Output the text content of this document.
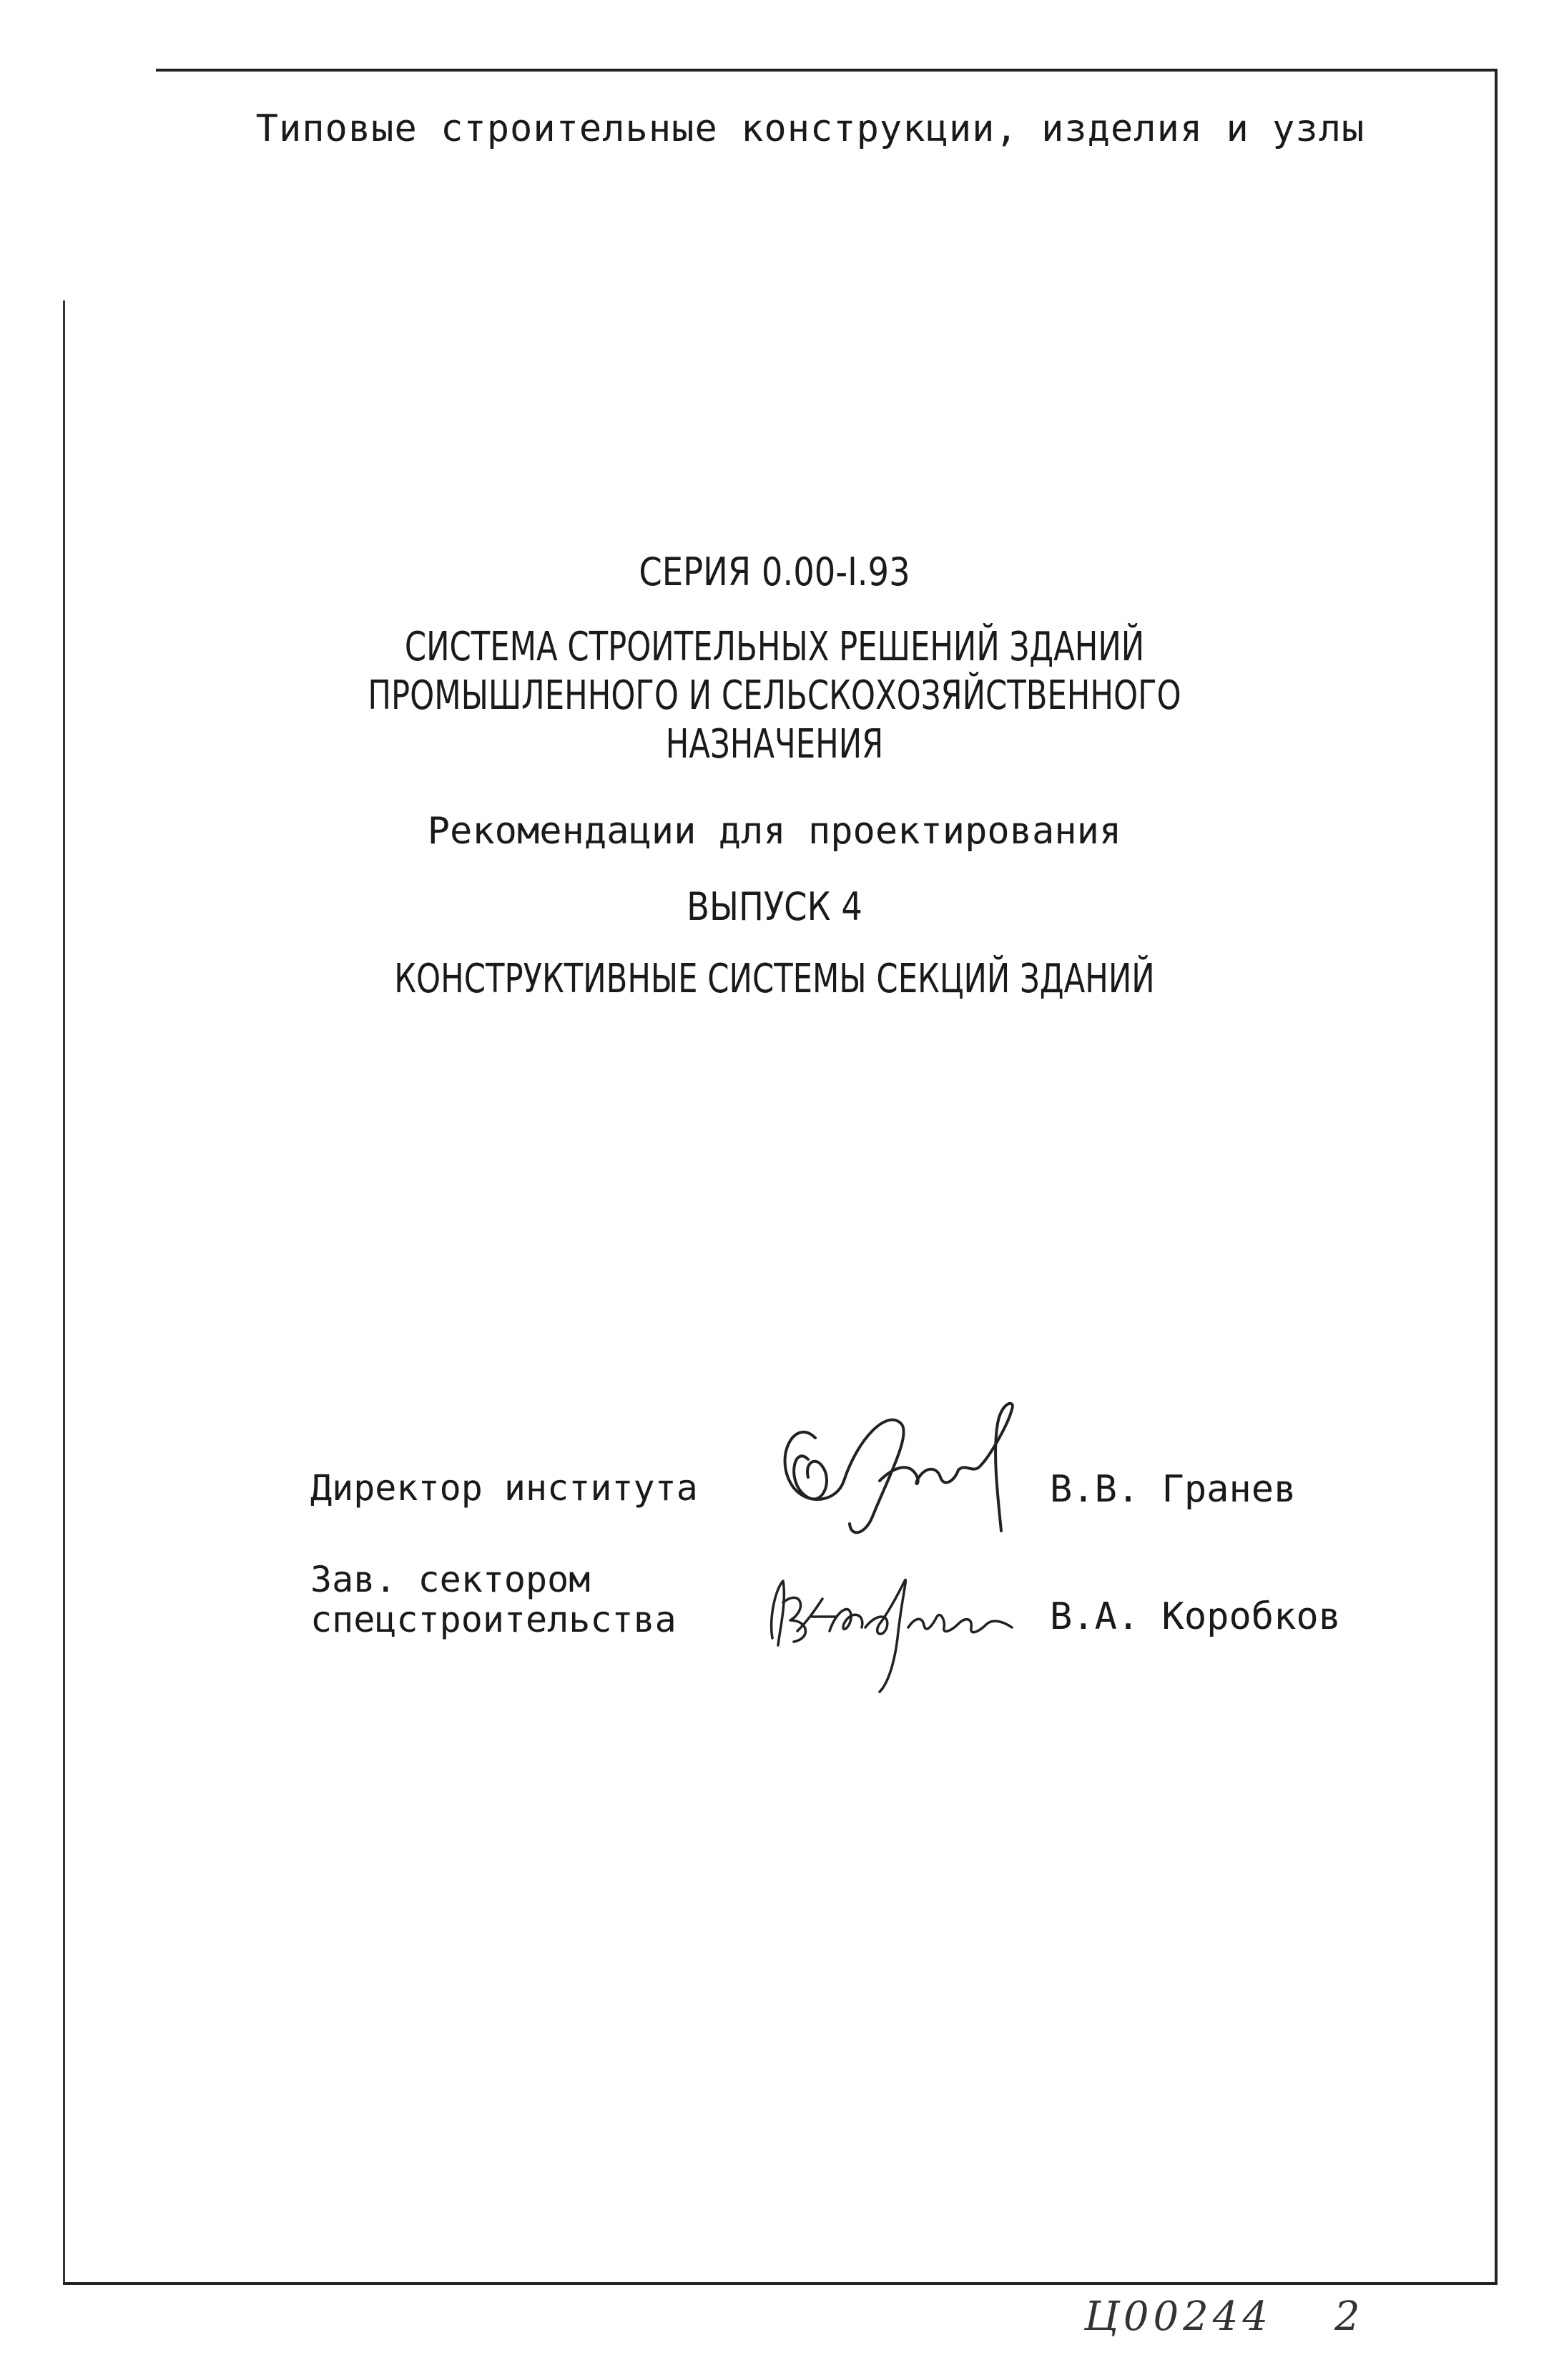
Типовые строительные конструкции, изделия и узлы

СЕРИЯ 0.00-I.93

СИСТЕМА СТРОИТЕЛЬНЫХ РЕШЕНИЙ ЗДАНИЙ

ПРОМЫШЛЕННОГО И СЕЛЬСКОХОЗЯЙСТВЕННОГО

НАЗНАЧЕНИЯ

Рекомендации для проектирования

ВЫПУСК 4

КОНСТРУКТИВНЫЕ СИСТЕМЫ СЕКЦИЙ ЗДАНИЙ

Директор института

Зав. сектором
спецстроительства

В.В. Гранев

В.А. Коробков

Ц00244 2
